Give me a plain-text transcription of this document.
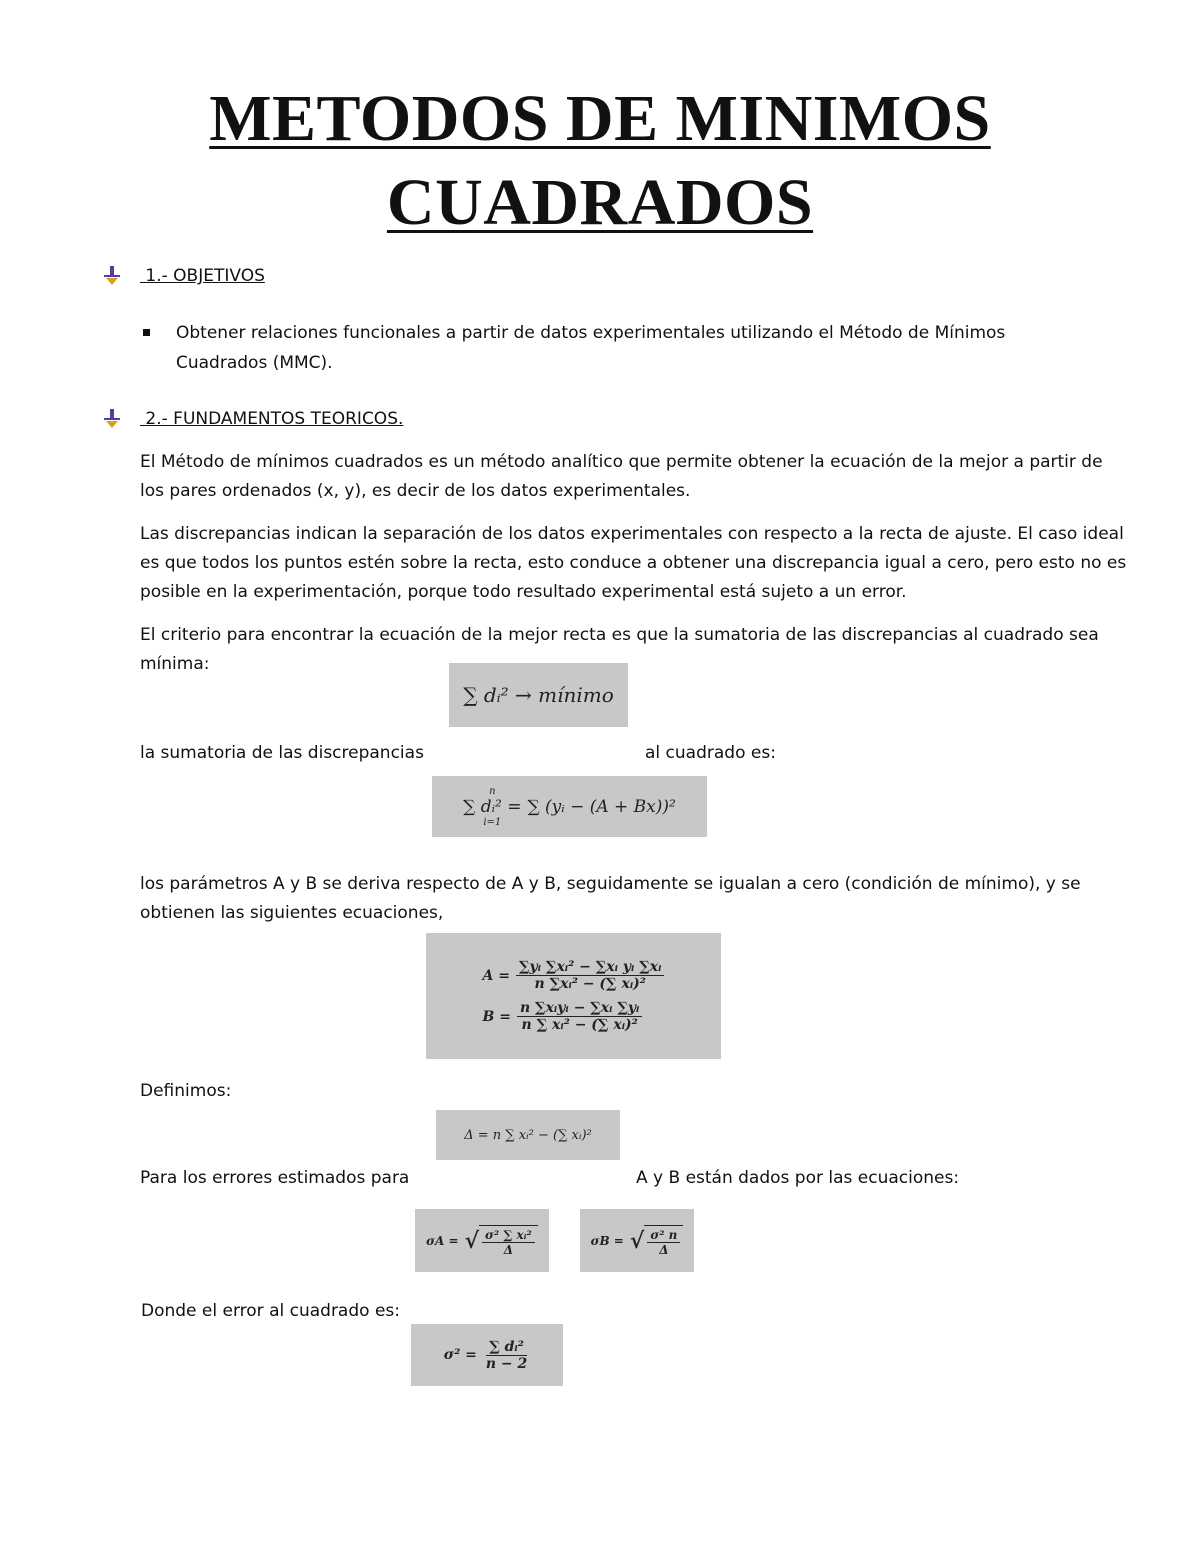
METODOS DE MINIMOS
CUADRADOS
1.- OBJETIVOS
Obtener relaciones funcionales a partir de datos experimentales utilizando el Método de Mínimos Cuadrados (MMC).
2.- FUNDAMENTOS TEORICOS.

El Método de mínimos cuadrados es un método analítico que permite obtener la ecuación de la mejor a partir de los pares ordenados (x, y), es decir de los datos experimentales.

Las discrepancias indican la separación de los datos experimentales con respecto a la recta de ajuste. El caso ideal es que todos los puntos estén sobre la recta, esto conduce a obtener una discrepancia igual a cero, pero esto no es posible en la experimentación, porque todo resultado experimental está sujeto a un error.

El criterio para encontrar la ecuación de la mejor recta es que la sumatoria de las discrepancias al cuadrado sea mínima:

∑ dᵢ² → mínimo
la sumatoria de las discrepancias	al cuadrado es:
n
∑ dᵢ² =
i=1
∑ (yᵢ − (A + Bx))²

los parámetros A y B se deriva respecto de A y B, seguidamente se igualan a cero (condición de mínimo), y se obtienen las siguientes ecuaciones,

$A = \frac{\text{∑yᵢ ∑xᵢ² − ∑xᵢ yᵢ ∑xᵢ}}{\text{n ∑xᵢ² − (∑ xᵢ)²}}$
$B = \frac{\text{n ∑xᵢyᵢ − ∑xᵢ ∑yᵢ}}{\text{n ∑ xᵢ² − (∑ xᵢ)²}}$
Definimos:
Δ = n ∑ xᵢ² − (∑ xᵢ)²
Para los errores estimados para	A y B están dados por las ecuaciones:
σA = √ $\frac{\text{σ² ∑ xᵢ²}}{\Delta}$	σB = √ $\frac{\text{σ² n}}{\Delta}$
Donde el error al cuadrado es:
$\sigma^2 = \frac{\text{∑ dᵢ²}}{n - 2}$
